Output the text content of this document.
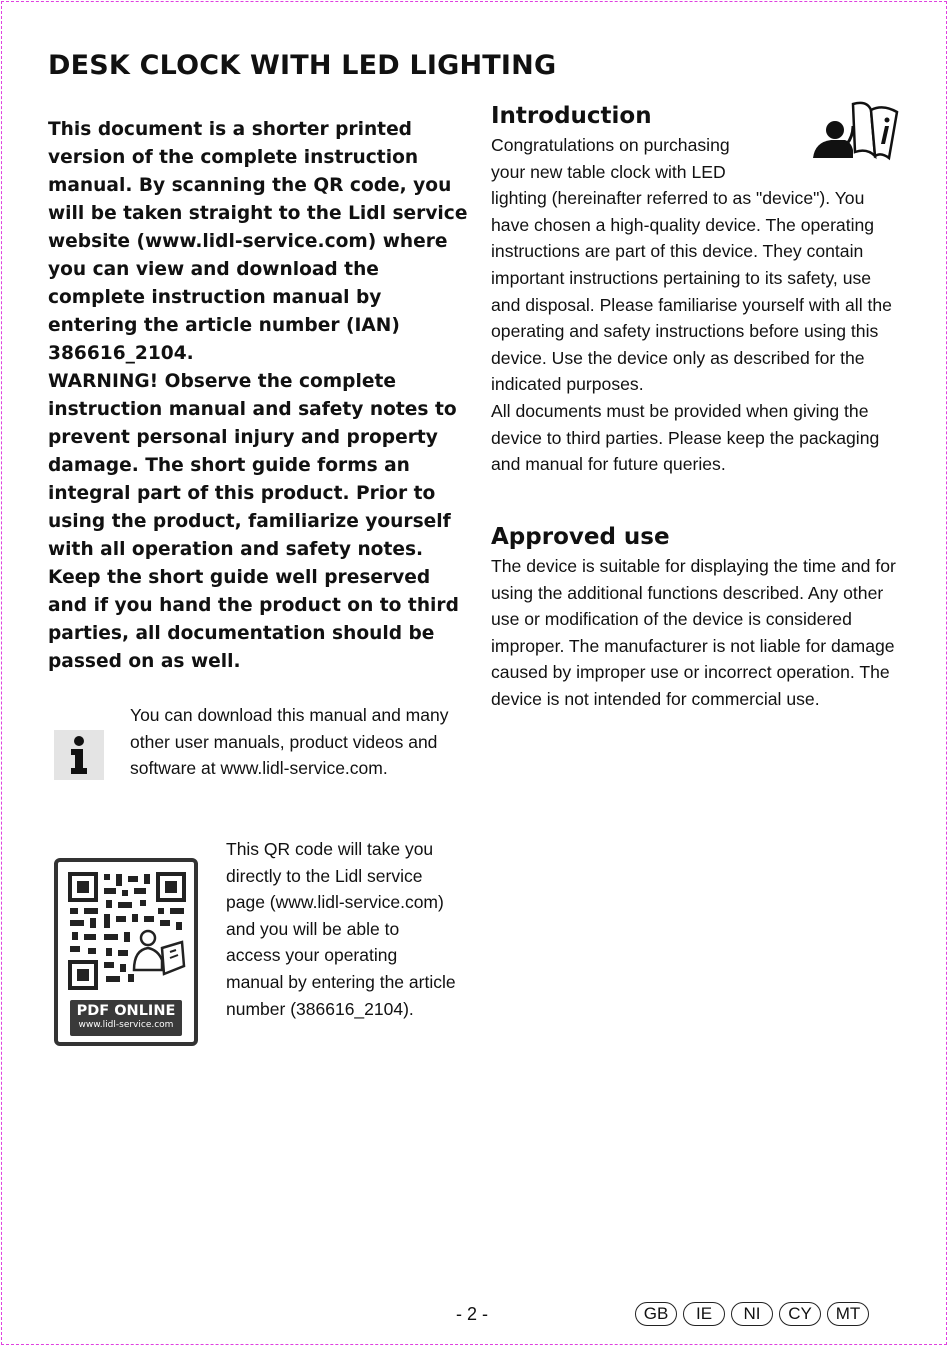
DESK CLOCK WITH LED LIGHTING

This document is a shorter printed version of the complete instruction manual. By scanning the QR code, you will be taken straight to the Lidl service website (www.lidl-service.com) where you can view and download the complete instruction manual by entering the article number (IAN) 386616_2104.

WARNING! Observe the complete instruction manual and safety notes to prevent personal injury and property damage. The short guide forms an integral part of this product. Prior to using the product, familiarize yourself with all operation and safety notes. Keep the short guide well preserved and if you hand the product on to third parties, all documentation should be passed on as well.

You can download this manual and many other user manuals, product videos and software at www.lidl-service.com.
PDF ONLINE
www.lidl-service.com
This QR code will take you directly to the Lidl service page (www.lidl-service.com) and you will be able to access your operating manual by entering the article number (386616_2104).
Introduction

Congratulations on purchasing

your new table clock with LED

lighting (hereinafter referred to as "device"). You have chosen a high-quality device. The operating instructions are part of this device. They contain important instructions pertaining to its safety, use and disposal. Please familiarise yourself with all the operating and safety instructions before using this device. Use the device only as described for the indicated purposes.

All documents must be provided when giving the device to third parties. Please keep the packaging and manual for future queries.

Approved use

The device is suitable for displaying the time and for using the additional functions described. Any other use or modification of the device is considered improper. The manufacturer is not liable for damage caused by improper use or incorrect operation. The device is not intended for commercial use.

- 2 -	GB	IE	NI	CY	MT
